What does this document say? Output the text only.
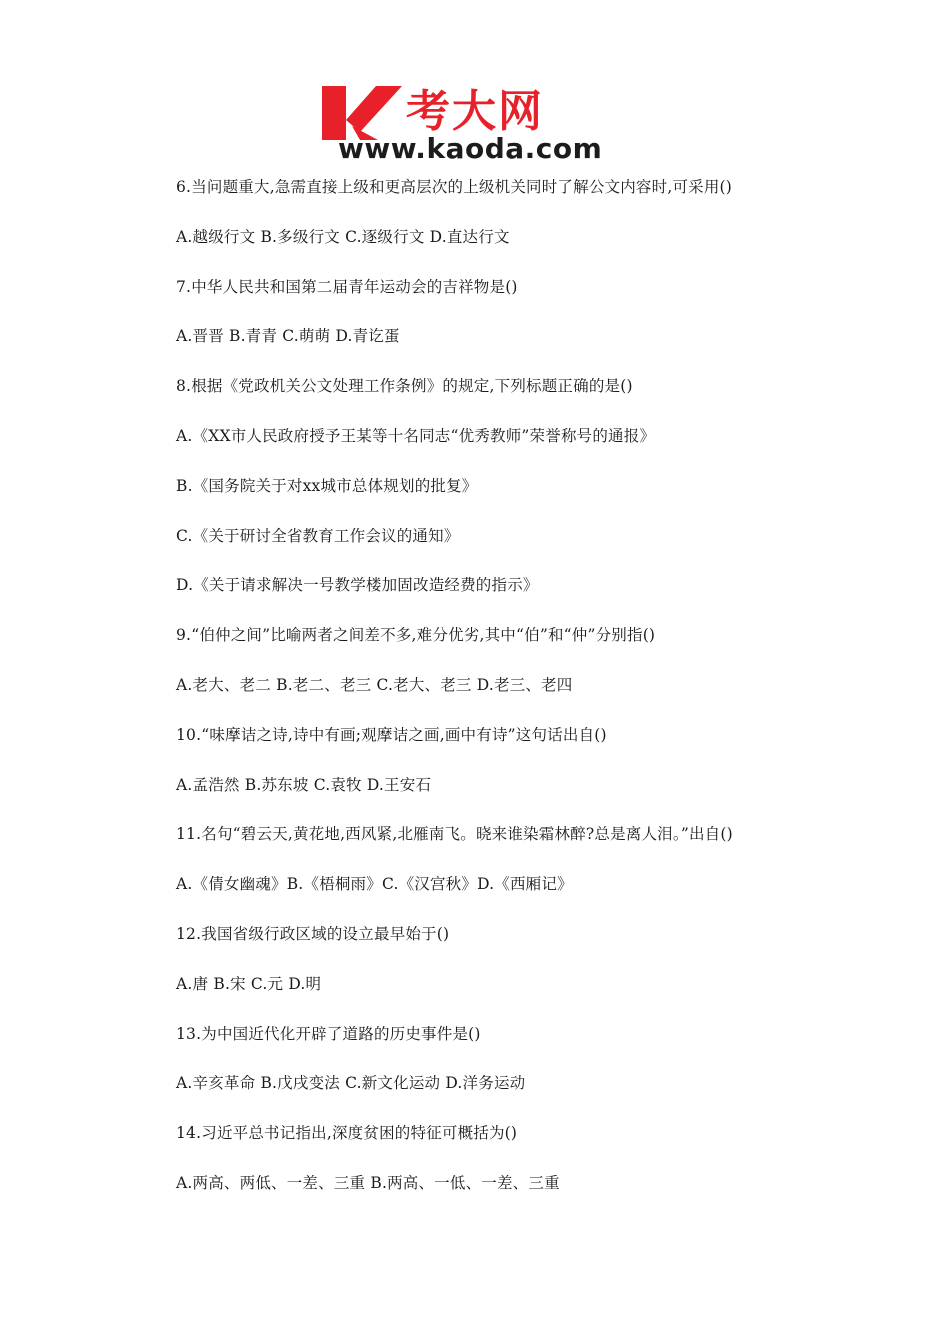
考大网
www.kaoda.com
6.当问题重大,急需直接上级和更高层次的上级机关同时了解公文内容时,可采用()
A.越级行文 B.多级行文 C.逐级行文 D.直达行文
7.中华人民共和国第二届青年运动会的吉祥物是()
A.晋晋 B.青青 C.萌萌 D.青讫蛋
8.根据《党政机关公文处理工作条例》的规定,下列标题正确的是()
A.《XX市人民政府授予王某等十名同志“优秀教师”荣誉称号的通报》
B.《国务院关于对xx城市总体规划的批复》
C.《关于研讨全省教育工作会议的通知》
D.《关于请求解决一号教学楼加固改造经费的指示》
9.“伯仲之间”比喻两者之间差不多,难分优劣,其中“伯”和“仲”分别指()
A.老大、老二 B.老二、老三 C.老大、老三 D.老三、老四
10.“味摩诘之诗,诗中有画;观摩诘之画,画中有诗”这句话出自()
A.孟浩然 B.苏东坡 C.袁牧 D.王安石
11.名句“碧云天,黄花地,西风紧,北雁南飞。晓来谁染霜林醉?总是离人泪。”出自()
A.《倩女幽魂》B.《梧桐雨》C.《汉宫秋》D.《西厢记》
12.我国省级行政区域的设立最早始于()
A.唐 B.宋 C.元 D.明
13.为中国近代化开辟了道路的历史事件是()
A.辛亥革命 B.戊戌变法 C.新文化运动 D.洋务运动
14.习近平总书记指出,深度贫困的特征可概括为()
A.两高、两低、一差、三重 B.两高、一低、一差、三重
